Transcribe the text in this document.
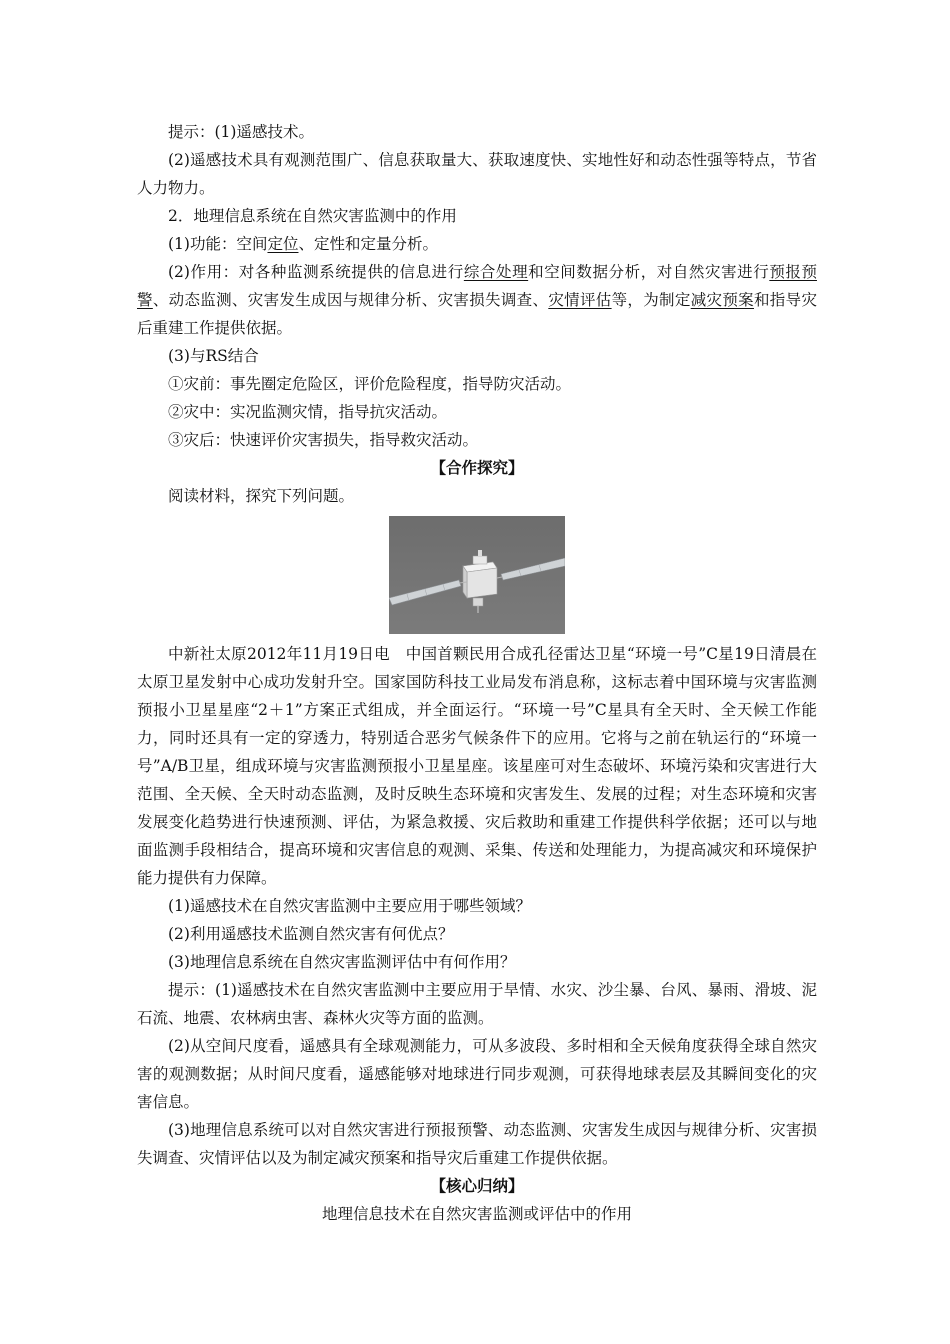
提示：(1)遥感技术。

(2)遥感技术具有观测范围广、信息获取量大、获取速度快、实地性好和动态性强等特点，节省人力物力。

2．地理信息系统在自然灾害监测中的作用

(1)功能：空间定位、定性和定量分析。

(2)作用：对各种监测系统提供的信息进行综合处理和空间数据分析，对自然灾害进行预报预警、动态监测、灾害发生成因与规律分析、灾害损失调查、灾情评估等，为制定减灾预案和指导灾后重建工作提供依据。

(3)与RS结合

①灾前：事先圈定危险区，评价危险程度，指导防灾活动。

②灾中：实况监测灾情，指导抗灾活动。

③灾后：快速评价灾害损失，指导救灾活动。

【合作探究】

阅读材料，探究下列问题。

中新社太原2012年11月19日电　中国首颗民用合成孔径雷达卫星“环境一号”C星19日清晨在太原卫星发射中心成功发射升空。国家国防科技工业局发布消息称，这标志着中国环境与灾害监测预报小卫星星座“2＋1”方案正式组成，并全面运行。“环境一号”C星具有全天时、全天候工作能力，同时还具有一定的穿透力，特别适合恶劣气候条件下的应用。它将与之前在轨运行的“环境一号”A/B卫星，组成环境与灾害监测预报小卫星星座。该星座可对生态破坏、环境污染和灾害进行大范围、全天候、全天时动态监测，及时反映生态环境和灾害发生、发展的过程；对生态环境和灾害发展变化趋势进行快速预测、评估，为紧急救援、灾后救助和重建工作提供科学依据；还可以与地面监测手段相结合，提高环境和灾害信息的观测、采集、传送和处理能力，为提高减灾和环境保护能力提供有力保障。

(1)遥感技术在自然灾害监测中主要应用于哪些领域？

(2)利用遥感技术监测自然灾害有何优点？

(3)地理信息系统在自然灾害监测评估中有何作用？

提示：(1)遥感技术在自然灾害监测中主要应用于旱情、水灾、沙尘暴、台风、暴雨、滑坡、泥石流、地震、农林病虫害、森林火灾等方面的监测。

(2)从空间尺度看，遥感具有全球观测能力，可从多波段、多时相和全天候角度获得全球自然灾害的观测数据；从时间尺度看，遥感能够对地球进行同步观测，可获得地球表层及其瞬间变化的灾害信息。

(3)地理信息系统可以对自然灾害进行预报预警、动态监测、灾害发生成因与规律分析、灾害损失调查、灾情评估以及为制定减灾预案和指导灾后重建工作提供依据。

【核心归纳】

地理信息技术在自然灾害监测或评估中的作用
